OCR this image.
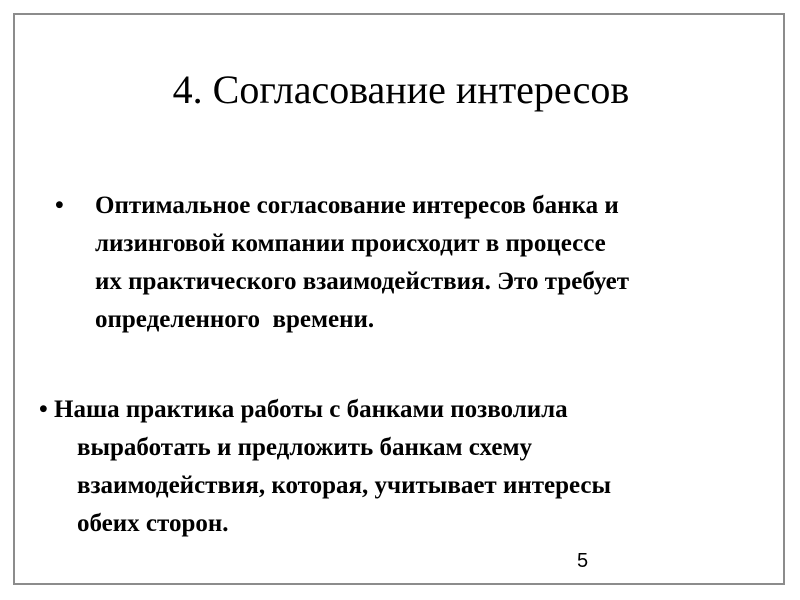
4. Согласование интересов
• Оптимальное согласование интересов банка и
лизинговой компании происходит в процессе
их практического взаимодействия. Это требует
определенного  времени.
• Наша практика работы с банками позволила
выработать и предложить банкам схему
взаимодействия, которая, учитывает интересы
обеих сторон.
5
